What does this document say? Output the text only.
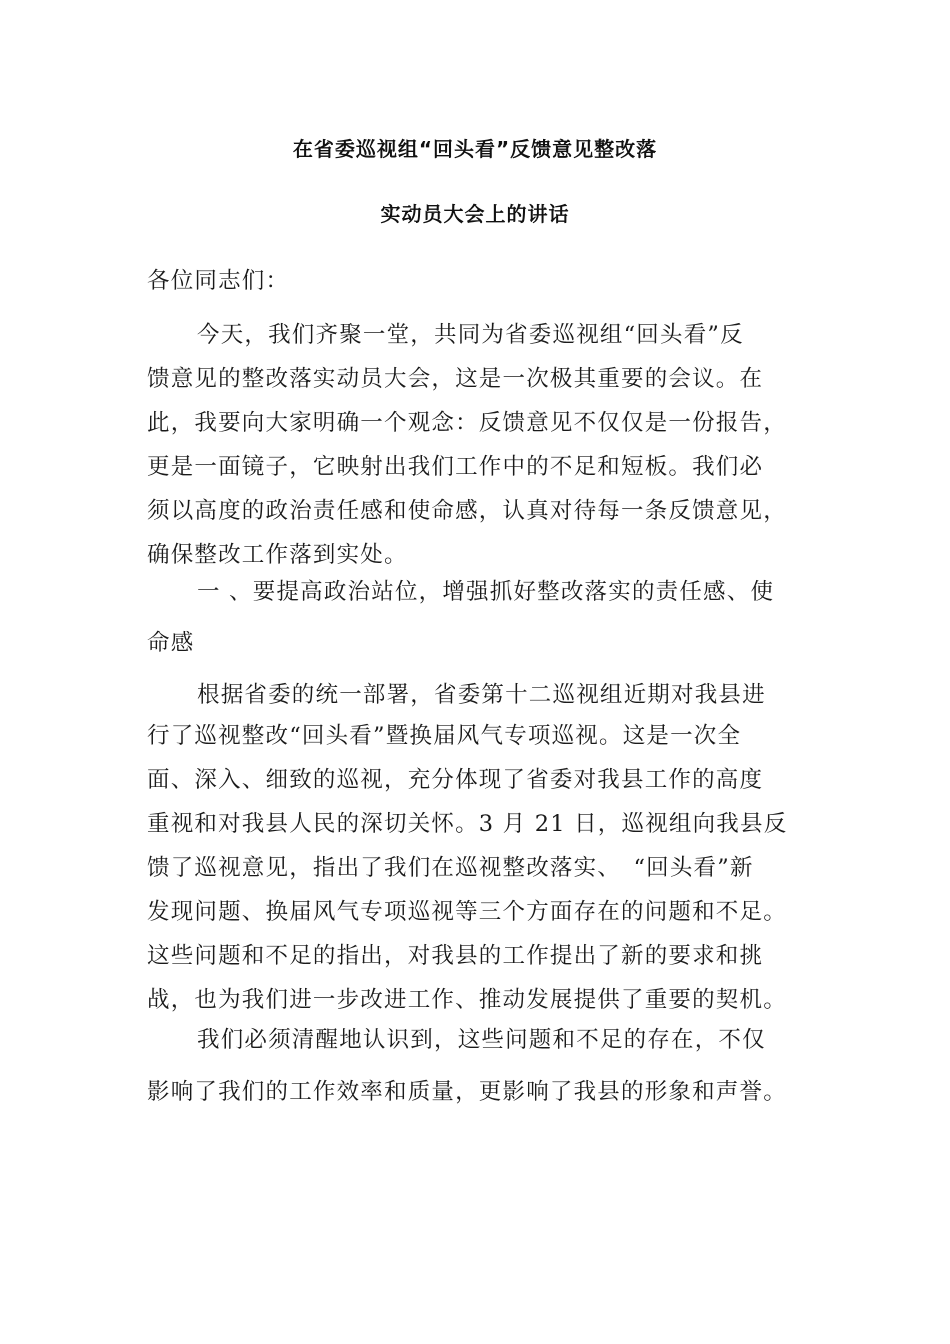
在省委巡视组“回头看”反馈意见整改落
实动员大会上的讲话
各位同志们：
今天，我们齐聚一堂，共同为省委巡视组“回头看”反
馈意见的整改落实动员大会，这是一次极其重要的会议。在
此，我要向大家明确一个观念：反馈意见不仅仅是一份报告，
更是一面镜子，它映射出我们工作中的不足和短板。我们必
须以高度的政治责任感和使命感，认真对待每一条反馈意见，
确保整改工作落到实处。
一 、要提高政治站位，增强抓好整改落实的责任感、使
命感
根据省委的统一部署，省委第十二巡视组近期对我县进
行了巡视整改“回头看”暨换届风气专项巡视。这是一次全
面、深入、细致的巡视，充分体现了省委对我县工作的高度
重视和对我县人民的深切关怀。3 月 21 日，巡视组向我县反
馈了巡视意见，指出了我们在巡视整改落实、　“回头看”新
发现问题、换届风气专项巡视等三个方面存在的问题和不足。
这些问题和不足的指出，对我县的工作提出了新的要求和挑
战，也为我们进一步改进工作、推动发展提供了重要的契机。
我们必须清醒地认识到，这些问题和不足的存在，不仅
影响了我们的工作效率和质量，更影响了我县的形象和声誉。
